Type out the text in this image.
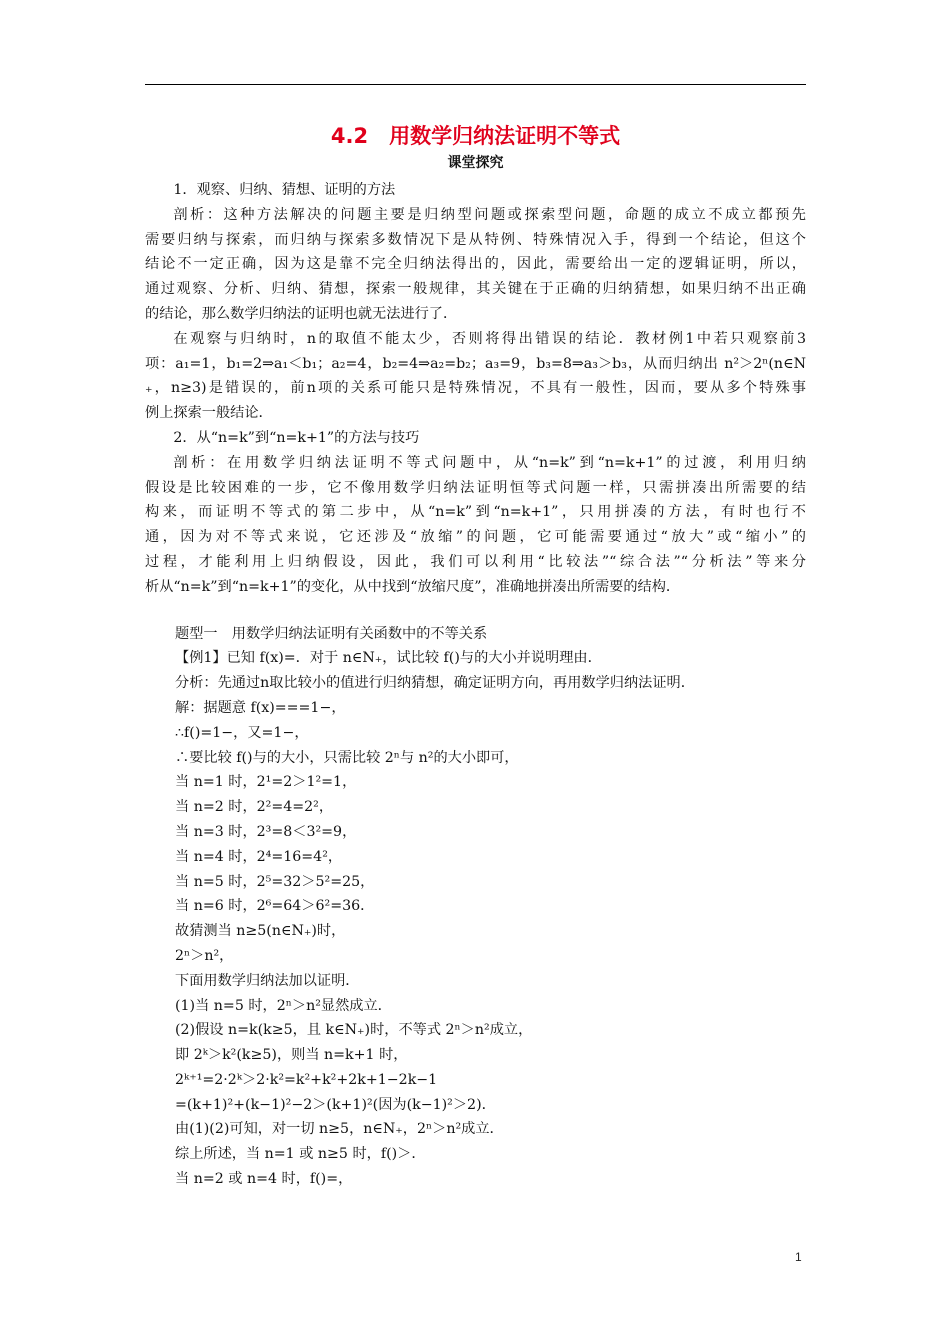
4.2　用数学归纳法证明不等式
课堂探究

1．观察、归纳、猜想、证明的方法

剖析：这种方法解决的问题主要是归纳型问题或探索型问题，命题的成立不成立都预先

需要归纳与探索，而归纳与探索多数情况下是从特例、特殊情况入手，得到一个结论，但这个

结论不一定正确，因为这是靠不完全归纳法得出的，因此，需要给出一定的逻辑证明，所以，

通过观察、分析、归纳、猜想，探索一般规律，其关键在于正确的归纳猜想，如果归纳不出正确

的结论，那么数学归纳法的证明也就无法进行了．

在观察与归纳时，n的取值不能太少，否则将得出错误的结论．教材例1中若只观察前3

项：a₁=1，b₁=2⇒a₁＜b₁；a₂=4，b₂=4⇒a₂=b₂；a₃=9，b₃=8⇒a₃＞b₃，从而归纳出 n²＞2ⁿ(n∈N

₊，n≥3)是错误的，前n项的关系可能只是特殊情况，不具有一般性，因而，要从多个特殊事

例上探索一般结论．

2．从“n=k”到“n=k+1”的方法与技巧

剖析：在用数学归纳法证明不等式问题中，从“n=k”到“n=k+1”的过渡，利用归纳

假设是比较困难的一步，它不像用数学归纳法证明恒等式问题一样，只需拼凑出所需要的结

构来，而证明不等式的第二步中，从“n=k”到“n=k+1”，只用拼凑的方法，有时也行不

通，因为对不等式来说，它还涉及“放缩”的问题，它可能需要通过“放大”或“缩小”的

过程，才能利用上归纳假设，因此，我们可以利用“比较法”“综合法”“分析法”等来分

析从“n=k”到“n=k+1”的变化，从中找到“放缩尺度”，准确地拼凑出所需要的结构．

题型一　用数学归纳法证明有关函数中的不等关系

【例1】已知 f(x)=．对于 n∈N₊，试比较 f()与的大小并说明理由．

分析：先通过n取比较小的值进行归纳猜想，确定证明方向，再用数学归纳法证明．

解：据题意 f(x)===1−，

∴f()=1−，又=1−，

∴要比较 f()与的大小，只需比较 2ⁿ与 n²的大小即可，

当 n=1 时，2¹=2＞1²=1，

当 n=2 时，2²=4=2²，

当 n=3 时，2³=8＜3²=9，

当 n=4 时，2⁴=16=4²，

当 n=5 时，2⁵=32＞5²=25，

当 n=6 时，2⁶=64＞6²=36．

故猜测当 n≥5(n∈N₊)时，

2ⁿ＞n²，

下面用数学归纳法加以证明．

(1)当 n=5 时，2ⁿ＞n²显然成立．

(2)假设 n=k(k≥5，且 k∈N₊)时，不等式 2ⁿ＞n²成立，

即 2ᵏ＞k²(k≥5)，则当 n=k+1 时，

2ᵏ⁺¹=2·2ᵏ＞2·k²=k²+k²+2k+1−2k−1

=(k+1)²+(k−1)²−2＞(k+1)²(因为(k−1)²＞2)．

由(1)(2)可知，对一切 n≥5，n∈N₊，2ⁿ＞n²成立．

综上所述，当 n=1 或 n≥5 时，f()＞．

当 n=2 或 n=4 时，f()=，

1
